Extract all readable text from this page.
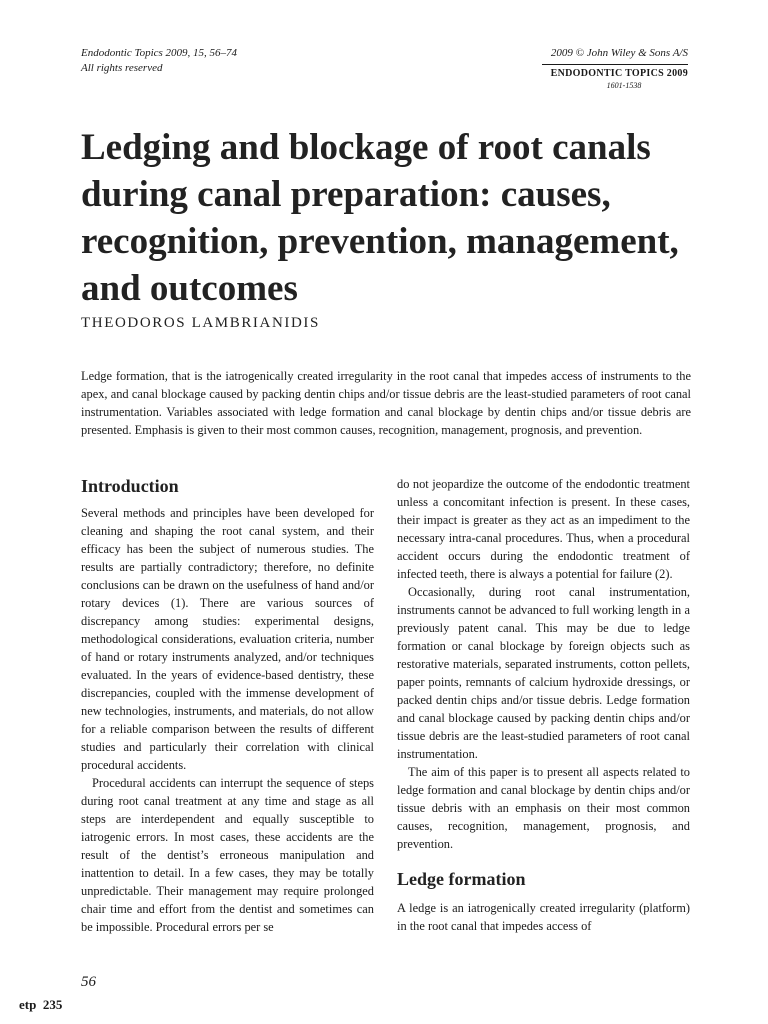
Endodontic Topics 2009, 15, 56–74
All rights reserved
2009 © John Wiley & Sons A/S
ENDODONTIC TOPICS 2009
1601-1538
Ledging and blockage of root canals during canal preparation: causes, recognition, prevention, management, and outcomes
THEODOROS LAMBRIANIDIS

Ledge formation, that is the iatrogenically created irregularity in the root canal that impedes access of instruments to the apex, and canal blockage caused by packing dentin chips and/or tissue debris are the least-studied parameters of root canal instrumentation. Variables associated with ledge formation and canal blockage by dentin chips and/or tissue debris are presented. Emphasis is given to their most common causes, recognition, management, prognosis, and prevention.

Introduction

Several methods and principles have been developed for cleaning and shaping the root canal system, and their efficacy has been the subject of numerous studies. The results are partially contradictory; therefore, no definite conclusions can be drawn on the usefulness of hand and/or rotary devices (1). There are various sources of discrepancy among studies: experimental designs, methodological considerations, evaluation criteria, number of hand or rotary instruments analyzed, and/or techniques evaluated. In the years of evidence-based dentistry, these discrepancies, coupled with the immense development of new technologies, instruments, and materials, do not allow for a reliable comparison between the results of different studies and particularly their correlation with clinical procedural accidents.

Procedural accidents can interrupt the sequence of steps during root canal treatment at any time and stage as all steps are interdependent and equally susceptible to iatrogenic errors. In most cases, these accidents are the result of the dentist’s erroneous manipulation and inattention to detail. In a few cases, they may be totally unpredictable. Their management may require prolonged chair time and effort from the dentist and sometimes can be impossible. Procedural errors per se

do not jeopardize the outcome of the endodontic treatment unless a concomitant infection is present. In these cases, their impact is greater as they act as an impediment to the necessary intra-canal procedures. Thus, when a procedural accident occurs during the endodontic treatment of infected teeth, there is always a potential for failure (2).

Occasionally, during root canal instrumentation, instruments cannot be advanced to full working length in a previously patent canal. This may be due to ledge formation or canal blockage by foreign objects such as restorative materials, separated instruments, cotton pellets, paper points, remnants of calcium hydroxide dressings, or packed dentin chips and/or tissue debris. Ledge formation and canal blockage caused by packing dentin chips and/or tissue debris are the least-studied parameters of root canal instrumentation.

The aim of this paper is to present all aspects related to ledge formation and canal blockage by dentin chips and/or tissue debris with an emphasis on their most common causes, recognition, management, prognosis, and prevention.

Ledge formation

A ledge is an iatrogenically created irregularity (platform) in the root canal that impedes access of

56
etp  235
